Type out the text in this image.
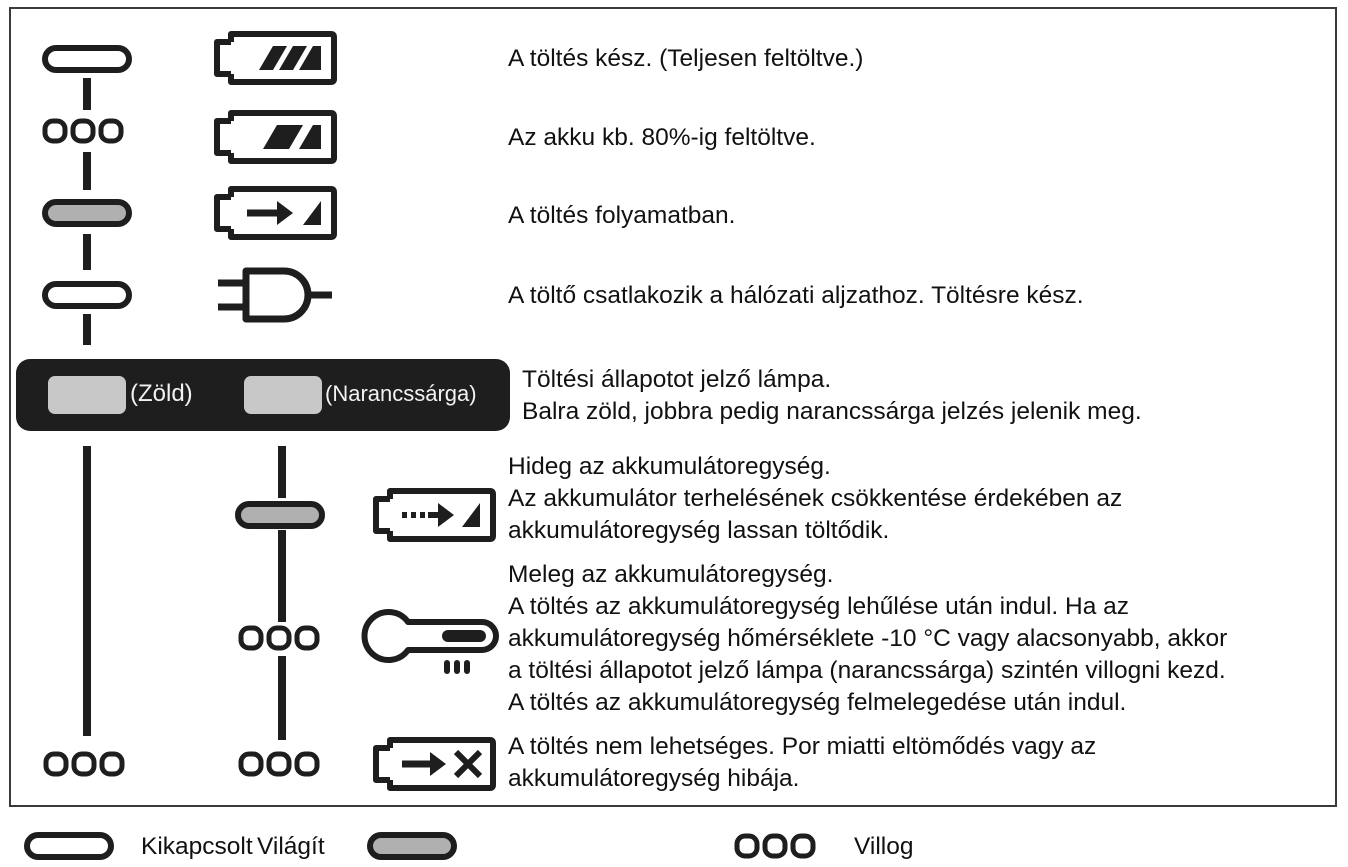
A töltés kész. (Teljesen feltöltve.)
Az akku kb. 80%-ig feltöltve.
A töltés folyamatban.
A töltő csatlakozik a hálózati aljzathoz. Töltésre kész.
(Zöld)	(Narancssárga)
Töltési állapotot jelző lámpa.
Balra zöld, jobbra pedig narancssárga jelzés jelenik meg.
Hideg az akkumulátoregység.
Az akkumulátor terhelésének csökkentése érdekében az
akkumulátoregység lassan töltődik.
Meleg az akkumulátoregység.
A töltés az akkumulátoregység lehűlése után indul. Ha az
akkumulátoregység hőmérséklete -10 °C vagy alacsonyabb, akkor
a töltési állapotot jelző lámpa (narancssárga) szintén villogni kezd.
A töltés az akkumulátoregység felmelegedése után indul.
A töltés nem lehetséges. Por miatti eltömődés vagy az
akkumulátoregység hibája.
Kikapcsolt Világít	Villog
